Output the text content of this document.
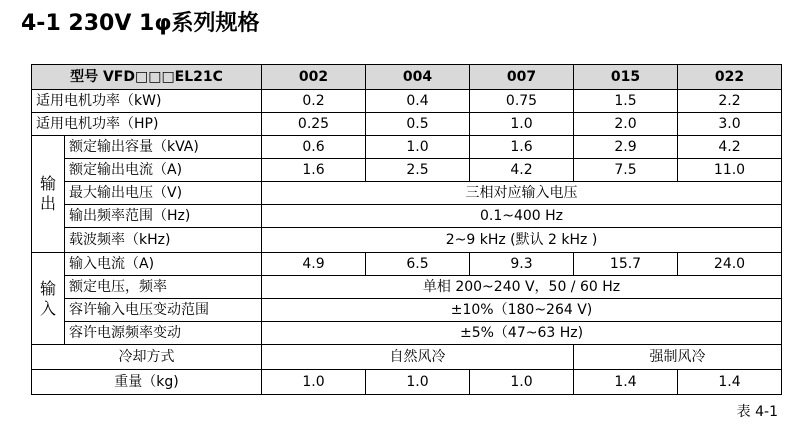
4-1 230V 1φ系列规格
型号 VFD□□□EL21C		002	004	007	015	022
适用电机功率（kW)		0.2	0.4	0.75	1.5	2.2
适用电机功率（HP)		0.25	0.5	1.0	2.0	3.0

输
出	额定输出容量（kVA)	0.6	1.0	1.6	2.9	4.2
	额定输出电流（A)	1.6	2.5	4.2	7.5	11.0
	最大输出电压（V)	三相对应输入电压				
	输出频率范围（Hz)	0.1~400 Hz				
	载波频率（kHz)	2~9 kHz (默认 2 kHz )				

输
入	输入电流（A)	4.9	6.5	9.3	15.7	24.0
	额定电压，频率	单相 200~240 V，50 / 60 Hz				
	容许输入电压变动范围	±10%（180~264 V)				
	容许电源频率变动	±5%（47~63 Hz)				
冷却方式		自然风冷			强制风冷	
重量（kg)		1.0	1.0	1.0	1.4	1.4
表 4-1
